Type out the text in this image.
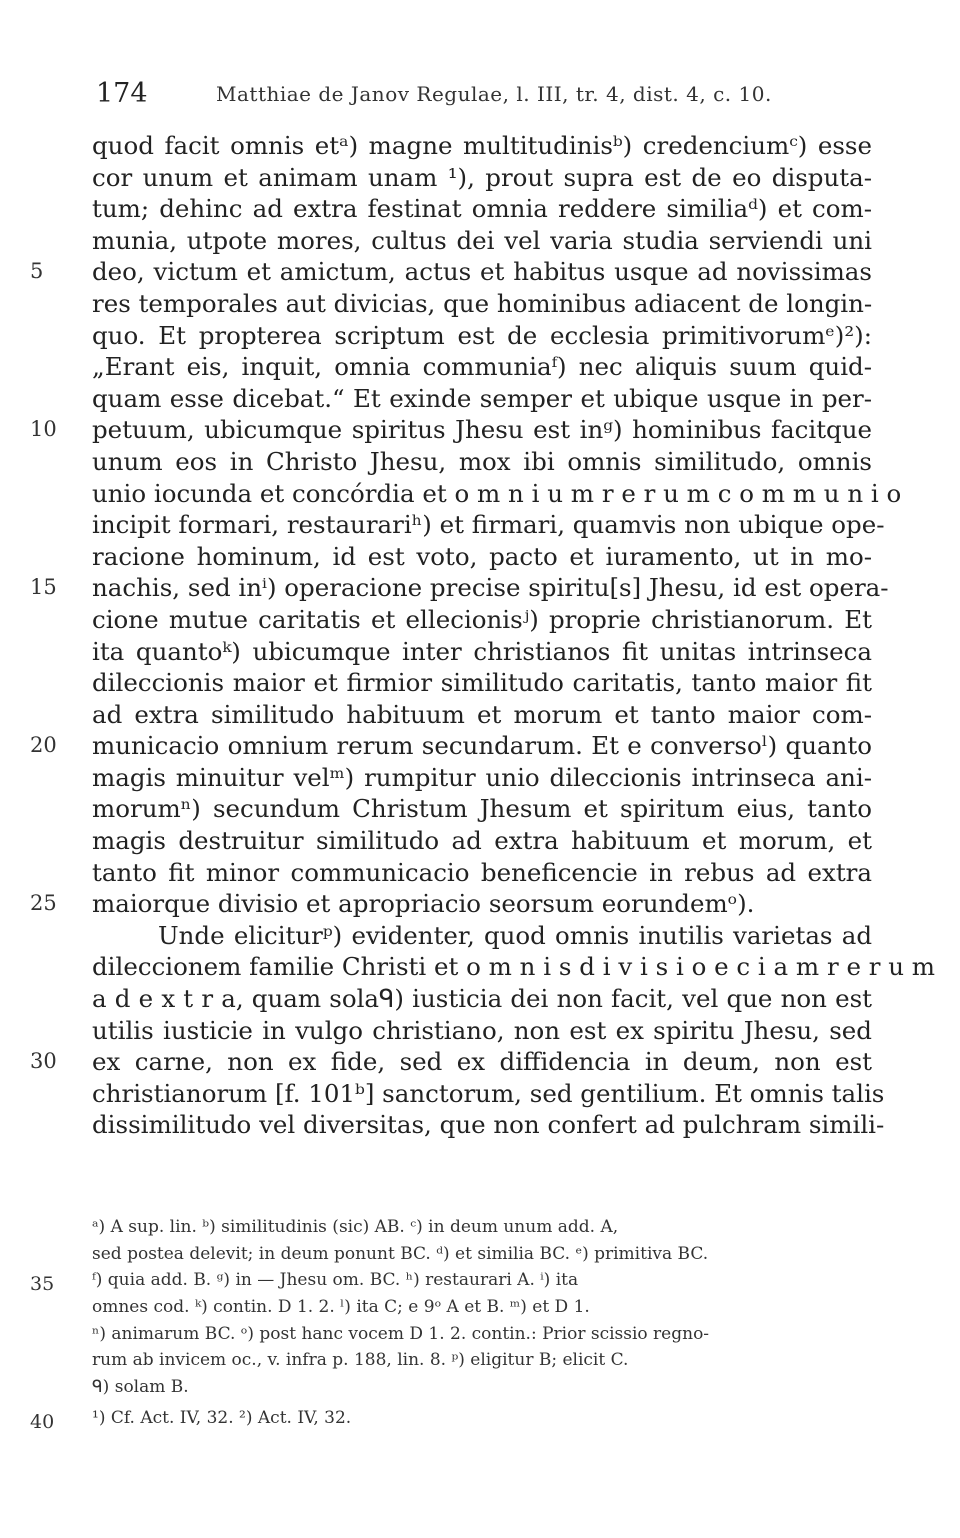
174	Matthiae de Janov Regulae, l. III, tr. 4, dist. 4, c. 10.
quod facit omnis etᵃ) magne multitudinisᵇ) credenciumᶜ) esse
cor unum et animam unam ¹), prout supra est de eo disputa-
tum; dehinc ad extra festinat omnia reddere similiaᵈ) et com-
munia, utpote mores, cultus dei vel varia studia serviendi uni
5	deo, victum et amictum, actus et habitus usque ad novissimas
res temporales aut divicias, que hominibus adiacent de longin-
quo. Et propterea scriptum est de ecclesia primitivorumᵉ)²):
„Erant eis, inquit, omnia communiaᶠ) nec aliquis suum quid-
quam esse dicebat.“ Et exinde semper et ubique usque in per-
10	petuum, ubicumque spiritus Jhesu est inᵍ) hominibus facitque
unum eos in Christo Jhesu, mox ibi omnis similitudo, omnis
unio iocunda et concórdia et o m n i u m r e r u m c o m m u n i o
incipit formari, restaurariʰ) et firmari, quamvis non ubique ope-
racione hominum, id est voto, pacto et iuramento, ut in mo-
15	nachis, sed inⁱ) operacione precise spiritu[s] Jhesu, id est opera-
cione mutue caritatis et ellecionisʲ) proprie christianorum. Et
ita quantoᵏ) ubicumque inter christianos fit unitas intrinseca
dileccionis maior et firmior similitudo caritatis, tanto maior fit
ad extra similitudo habituum et morum et tanto maior com-
20	municacio omnium rerum secundarum. Et e conversoˡ) quanto
magis minuitur velᵐ) rumpitur unio dileccionis intrinseca ani-
morumⁿ) secundum Christum Jhesum et spiritum eius, tanto
magis destruitur similitudo ad extra habituum et morum, et
tanto fit minor communicacio beneficencie in rebus ad extra
25	maiorque divisio et apropriacio seorsum eorundemᵒ).
Unde eliciturᵖ) evidenter, quod omnis inutilis varietas ad
dileccionem familie Christi et o m n i s d i v i s i o e c i a m r e r u m
a d e x t r a, quam solaᑫ) iusticia dei non facit, vel que non est
utilis iusticie in vulgo christiano, non est ex spiritu Jhesu, sed
30	ex carne, non ex fide, sed ex diffidencia in deum, non est
christianorum [f. 101ᵇ] sanctorum, sed gentilium. Et omnis talis
dissimilitudo vel diversitas, que non confert ad pulchram simili-
ᵃ) A sup. lin. ᵇ) similitudinis (sic) AB. ᶜ) in deum unum add. A,
sed postea delevit; in deum ponunt BC. ᵈ) et similia BC. ᵉ) primitiva BC.
35	ᶠ) quia add. B. ᵍ) in — Jhesu om. BC. ʰ) restaurari A. ⁱ) ita
omnes cod. ᵏ) contin. D 1. 2. ˡ) ita C; e 9ᵒ A et B. ᵐ) et D 1.
ⁿ) animarum BC. ᵒ) post hanc vocem D 1. 2. contin.: Prior scissio regno-
rum ab invicem oc., v. infra p. 188, lin. 8. ᵖ) eligitur B; elicit C.
ᑫ) solam B.
40	¹) Cf. Act. IV, 32. ²) Act. IV, 32.
